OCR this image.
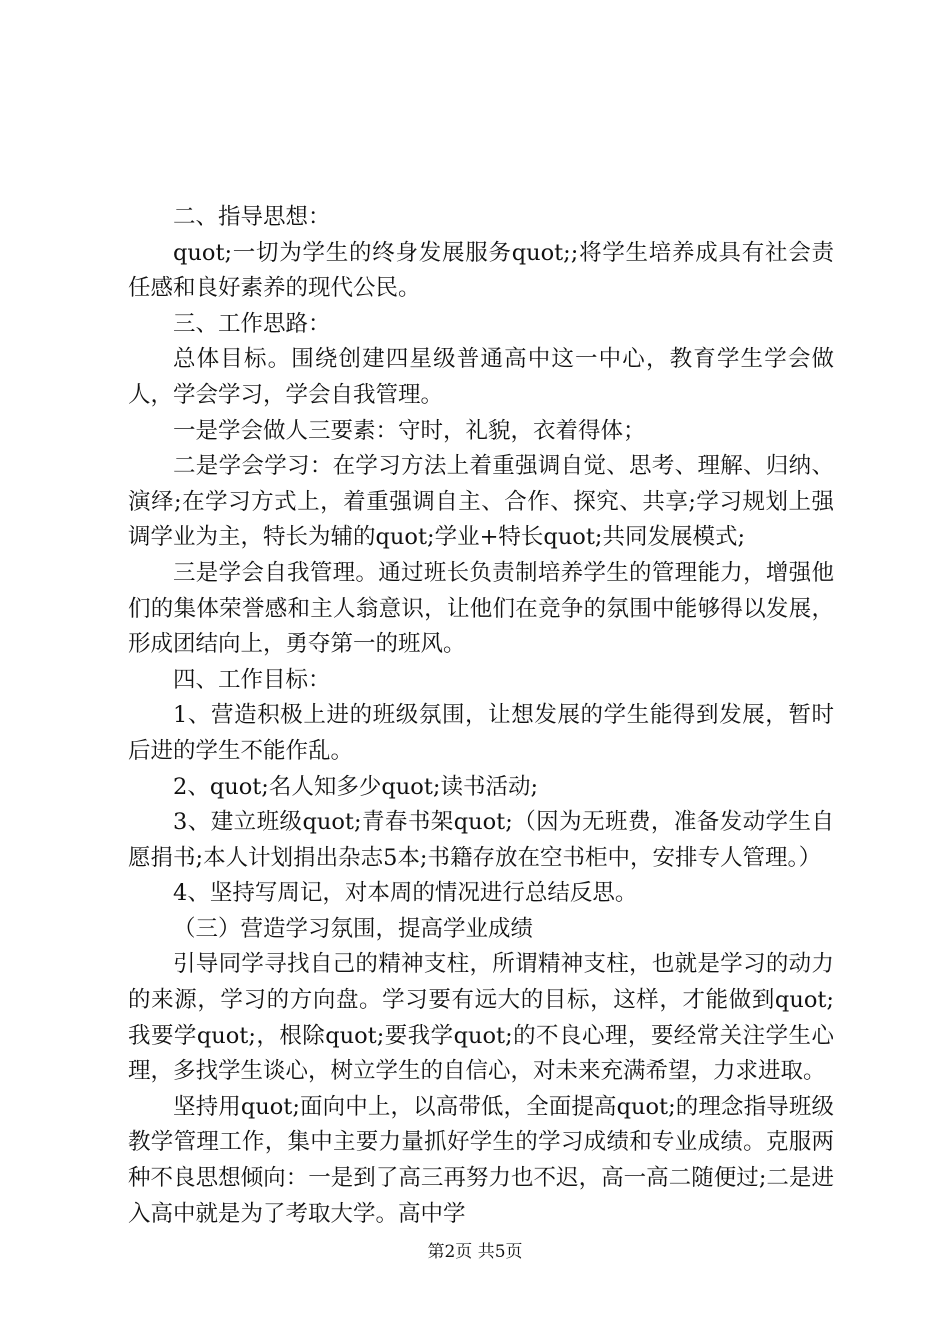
二、指导思想：

quot;一切为学生的终身发展服务quot;;将学生培养成具有社会责任感和良好素养的现代公民。

三、工作思路：

总体目标。围绕创建四星级普通高中这一中心，教育学生学会做人，学会学习，学会自我管理。

一是学会做人三要素：守时，礼貌，衣着得体；

二是学会学习：在学习方法上着重强调自觉、思考、理解、归纳、演绎;在学习方式上，着重强调自主、合作、探究、共享;学习规划上强调学业为主，特长为辅的quot;学业+特长quot;共同发展模式;

三是学会自我管理。通过班长负责制培养学生的管理能力，增强他们的集体荣誉感和主人翁意识，让他们在竞争的氛围中能够得以发展，形成团结向上，勇夺第一的班风。

四、工作目标：

1、营造积极上进的班级氛围，让想发展的学生能得到发展，暂时后进的学生不能作乱。

2、quot;名人知多少quot;读书活动;

3、建立班级quot;青春书架quot;（因为无班费，准备发动学生自愿捐书;本人计划捐出杂志5本;书籍存放在空书柜中，安排专人管理。）

4、坚持写周记，对本周的情况进行总结反思。

（三）营造学习氛围，提高学业成绩

引导同学寻找自己的精神支柱，所谓精神支柱，也就是学习的动力的来源，学习的方向盘。学习要有远大的目标，这样，才能做到quot;我要学quot;，根除quot;要我学quot;的不良心理，要经常关注学生心理，多找学生谈心，树立学生的自信心，对未来充满希望，力求进取。

坚持用quot;面向中上，以高带低，全面提高quot;的理念指导班级教学管理工作，集中主要力量抓好学生的学习成绩和专业成绩。克服两种不良思想倾向：一是到了高三再努力也不迟，高一高二随便过;二是进入高中就是为了考取大学。高中学

第2页 共5页
